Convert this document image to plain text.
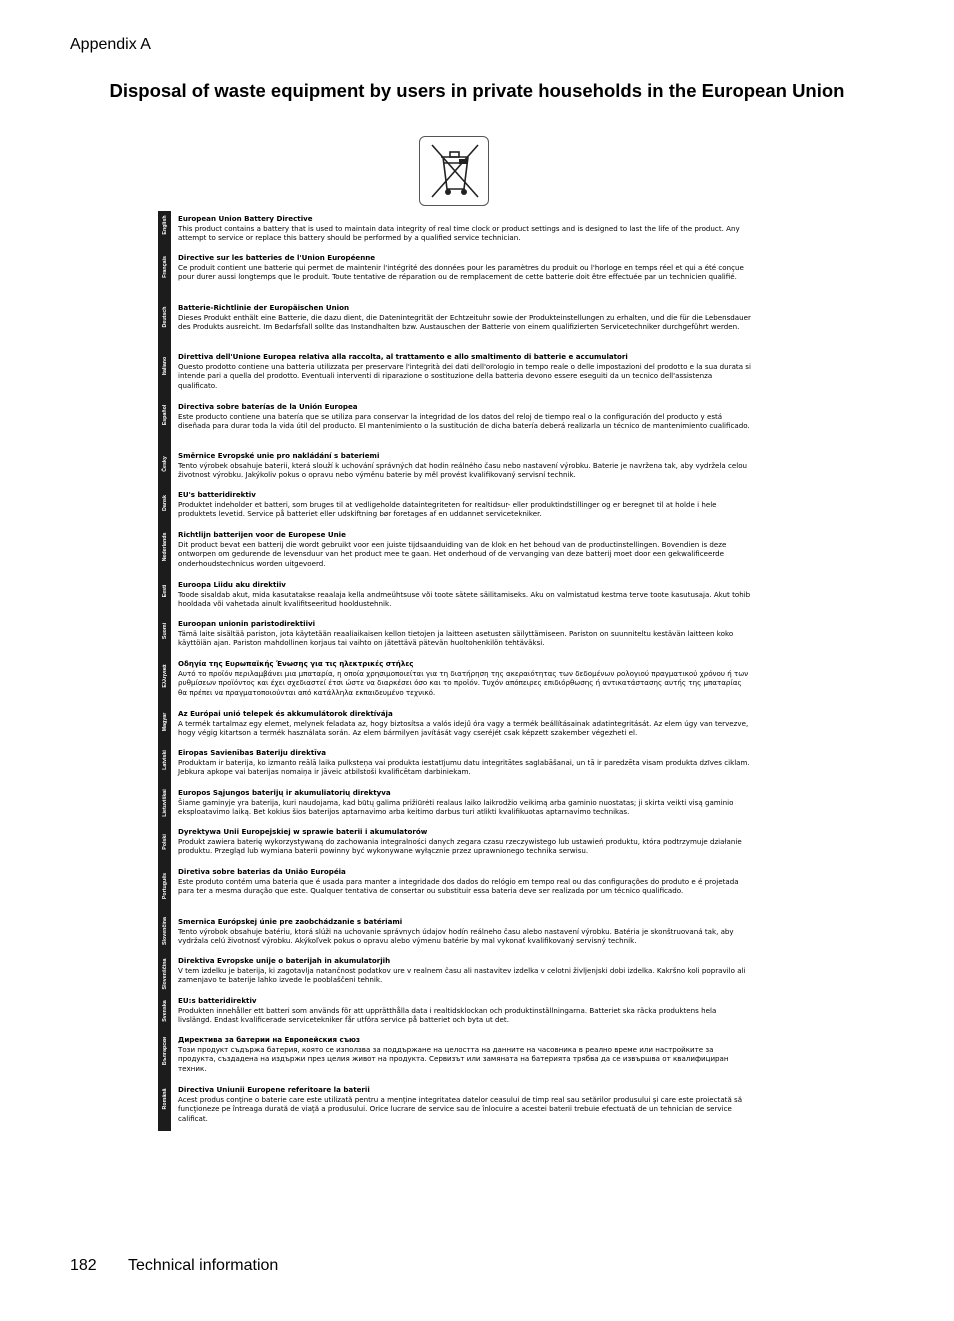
Appendix A
Disposal of waste equipment by users in private households in the European Union
English
Français
Deutsch
Italiano
Español
Česky
Dansk
Nederlands
Eesti
Suomi
Ελληνικά
Magyar
Latviski
Lietuviškai
Polski
Português
Slovenčina
Slovenščina
Svenska
Български
Română
European Union Battery Directive

This product contains a battery that is used to maintain data integrity of real time clock or product settings and is designed to last the life of the product. Any attempt to service or replace this battery should be performed by a qualified service technician.

Directive sur les batteries de l'Union Européenne

Ce produit contient une batterie qui permet de maintenir l'intégrité des données pour les paramètres du produit ou l'horloge en temps réel et qui a été conçue pour durer aussi longtemps que le produit. Toute tentative de réparation ou de remplacement de cette batterie doit être effectuée par un technicien qualifié.

Batterie-Richtlinie der Europäischen Union

Dieses Produkt enthält eine Batterie, die dazu dient, die Datenintegrität der Echtzeituhr sowie der Produkteinstellungen zu erhalten, und die für die Lebensdauer des Produkts ausreicht. Im Bedarfsfall sollte das Instandhalten bzw. Austauschen der Batterie von einem qualifizierten Servicetechniker durchgeführt werden.

Direttiva dell'Unione Europea relativa alla raccolta, al trattamento e allo smaltimento di batterie e accumulatori

Questo prodotto contiene una batteria utilizzata per preservare l'integrità dei dati dell'orologio in tempo reale o delle impostazioni del prodotto e la sua durata si intende pari a quella del prodotto. Eventuali interventi di riparazione o sostituzione della batteria devono essere eseguiti da un tecnico dell'assistenza qualificato.

Directiva sobre baterías de la Unión Europea

Este producto contiene una batería que se utiliza para conservar la integridad de los datos del reloj de tiempo real o la configuración del producto y está diseñada para durar toda la vida útil del producto. El mantenimiento o la sustitución de dicha batería deberá realizarla un técnico de mantenimiento cualificado.

Směrnice Evropské unie pro nakládání s bateriemi

Tento výrobek obsahuje baterii, která slouží k uchování správných dat hodin reálného času nebo nastavení výrobku. Baterie je navržena tak, aby vydržela celou životnost výrobku. Jakýkoliv pokus o opravu nebo výměnu baterie by měl provést kvalifikovaný servisní technik.

EU's batteridirektiv

Produktet indeholder et batteri, som bruges til at vedligeholde dataintegriteten for realtidsur- eller produktindstillinger og er beregnet til at holde i hele produktets levetid. Service på batteriet eller udskiftning bør foretages af en uddannet servicetekniker.

Richtlijn batterijen voor de Europese Unie

Dit product bevat een batterij die wordt gebruikt voor een juiste tijdsaanduiding van de klok en het behoud van de productinstellingen. Bovendien is deze ontworpen om gedurende de levensduur van het product mee te gaan. Het onderhoud of de vervanging van deze batterij moet door een gekwalificeerde onderhoudstechnicus worden uitgevoerd.

Euroopa Liidu aku direktiiv

Toode sisaldab akut, mida kasutatakse reaalaja kella andmeühtsuse või toote sätete säilitamiseks. Aku on valmistatud kestma terve toote kasutusaja. Akut tohib hooldada või vahetada ainult kvalifitseeritud hooldustehnik.

Euroopan unionin paristodirektiivi

Tämä laite sisältää pariston, jota käytetään reaaliaikaisen kellon tietojen ja laitteen asetusten säilyttämiseen. Pariston on suunniteltu kestävän laitteen koko käyttöiän ajan. Pariston mahdollinen korjaus tai vaihto on jätettävä pätevän huoltohenkilön tehtäväksi.

Οδηγία της Ευρωπαϊκής Ένωσης για τις ηλεκτρικές στήλες

Αυτό το προϊόν περιλαμβάνει μια μπαταρία, η οποία χρησιμοποιείται για τη διατήρηση της ακεραιότητας των δεδομένων ρολογιού πραγματικού χρόνου ή των ρυθμίσεων προϊόντος και έχει σχεδιαστεί έτσι ώστε να διαρκέσει όσο και το προϊόν. Τυχόν απόπειρες επιδιόρθωσης ή αντικατάστασης αυτής της μπαταρίας θα πρέπει να πραγματοποιούνται από κατάλληλα εκπαιδευμένο τεχνικό.

Az Európai unió telepek és akkumulátorok direktívája

A termék tartalmaz egy elemet, melynek feladata az, hogy biztosítsa a valós idejű óra vagy a termék beállításainak adatintegritását. Az elem úgy van tervezve, hogy végig kitartson a termék használata során. Az elem bármilyen javítását vagy cseréjét csak képzett szakember végezheti el.

Eiropas Savienības Bateriju direktīva

Produktam ir baterija, ko izmanto reālā laika pulksteņa vai produkta iestatījumu datu integritātes saglabāšanai, un tā ir paredzēta visam produkta dzīves ciklam. Jebkura apkope vai baterijas nomaiņa ir jāveic atbilstoši kvalificētam darbiniekam.

Europos Sąjungos baterijų ir akumuliatorių direktyva

Šiame gaminyje yra baterija, kuri naudojama, kad būtų galima prižiūrėti realaus laiko laikrodžio veikimą arba gaminio nuostatas; ji skirta veikti visą gaminio eksploatavimo laiką. Bet kokius šios baterijos aptarnavimo arba keitimo darbus turi atlikti kvalifikuotas aptarnavimo technikas.

Dyrektywa Unii Europejskiej w sprawie baterii i akumulatorów

Produkt zawiera baterię wykorzystywaną do zachowania integralności danych zegara czasu rzeczywistego lub ustawień produktu, która podtrzymuje działanie produktu. Przegląd lub wymiana baterii powinny być wykonywane wyłącznie przez uprawnionego technika serwisu.

Diretiva sobre baterias da União Européia

Este produto contém uma bateria que é usada para manter a integridade dos dados do relógio em tempo real ou das configurações do produto e é projetada para ter a mesma duração que este. Qualquer tentativa de consertar ou substituir essa bateria deve ser realizada por um técnico qualificado.

Smernica Európskej únie pre zaobchádzanie s batériami

Tento výrobok obsahuje batériu, ktorá slúži na uchovanie správnych údajov hodín reálneho času alebo nastavení výrobku. Batéria je skonštruovaná tak, aby vydržala celú životnosť výrobku. Akýkoľvek pokus o opravu alebo výmenu batérie by mal vykonať kvalifikovaný servisný technik.

Direktiva Evropske unije o baterijah in akumulatorjih

V tem izdelku je baterija, ki zagotavlja natančnost podatkov ure v realnem času ali nastavitev izdelka v celotni življenjski dobi izdelka. Kakršno koli popravilo ali zamenjavo te baterije lahko izvede le pooblaščeni tehnik.

EU:s batteridirektiv

Produkten innehåller ett batteri som används för att upprätthålla data i realtidsklockan och produktinställningarna. Batteriet ska räcka produktens hela livslängd. Endast kvalificerade servicetekniker får utföra service på batteriet och byta ut det.

Директива за батерии на Европейския съюз

Този продукт съдържа батерия, която се използва за поддържане на целостта на данните на часовника в реално време или настройките за продукта, създадена на издържи през целия живот на продукта. Сервизът или замяната на батерията трябва да се извършва от квалифициран техник.

Directiva Uniunii Europene referitoare la baterii

Acest produs conţine o baterie care este utilizată pentru a menţine integritatea datelor ceasului de timp real sau setărilor produsului şi care este proiectată să funcţioneze pe întreaga durată de viaţă a produsului. Orice lucrare de service sau de înlocuire a acestei baterii trebuie efectuată de un tehnician de service calificat.

182 Technical information
